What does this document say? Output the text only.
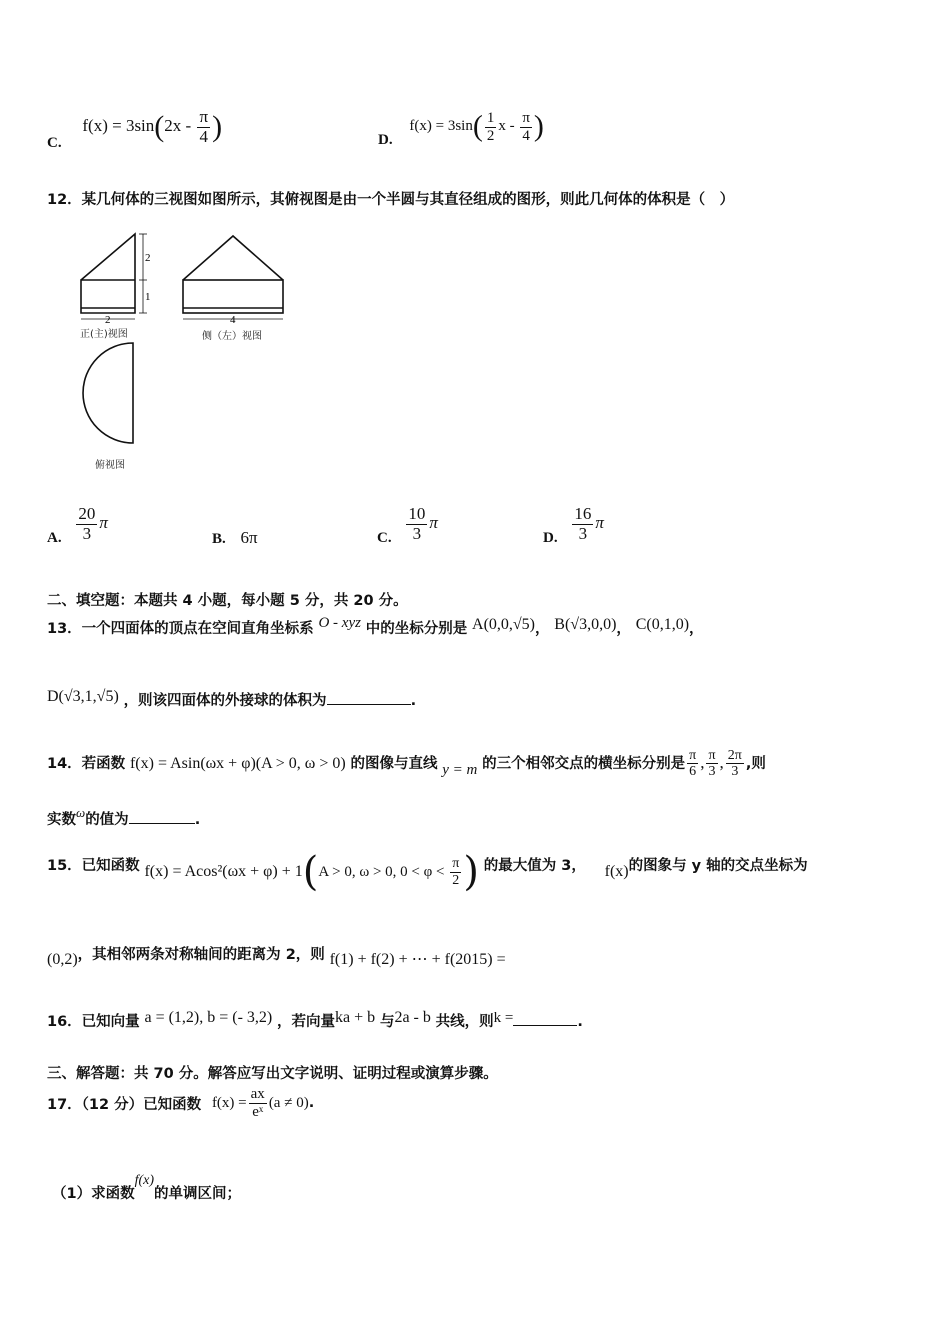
C. $f(x) = 3\sin(2x - \frac{\pi}{4}$ )	D. $f(x) = 3\sin( \frac{1}{2}$ x - $\frac{\pi}{4}$ )
12．某几何体的三视图如图所示，其俯视图是由一个半圆与其直径组成的图形，则此几何体的体积是（　）
2
1
2	4
正(主)视图	侧（左）视图
俯视图
A. $\frac{20}{3}$ π
B. 6π	C. $\frac{10}{3}$ π
D. $\frac{16}{3}$ π
二、填空题：本题共 4 小题，每小题 5 分，共 20 分。
13．一个四面体的顶点在空间直角坐标系 O - xyz 中的坐标分别是 A(0,0,√5)， B(√3,0,0)， C(0,1,0)，
D(√3,1,√5) ，则该四面体的外接球的体积为	.
14．若函数 f(x) = Asin(ωx + φ)(A > 0, ω > 0) 的图像与直线 y = m 的三个相邻交点的横坐标分别是 $\frac{\pi}{6}$ , $\frac{\pi}{3}$ , $\frac{2\pi}{3}$ ,则
实数ω的值为	.
15．已知函数 f(x) = Acos²(ωx + φ) + 1(A > 0, ω > 0, $0 < \varphi < \frac{\pi}{2}$ ) 的最大值为 3， f(x)的图象与 y 轴的交点坐标为
(0,2)，其相邻两条对称轴间的距离为 2，则 f(1) + f(2) + ⋯ + f(2015) =
16．已知向量 a = (1,2), b = (- 3,2) ，若向量ka + b 与2a - b 共线，则k =	.
三、解答题：共 70 分。解答应写出文字说明、证明过程或演算步骤。
17．（12 分）已知函数 $f(x) = \frac{ax}{\text{eˣ}} (a \ne 0)$.
（1）求函数f(x)的单调区间；
